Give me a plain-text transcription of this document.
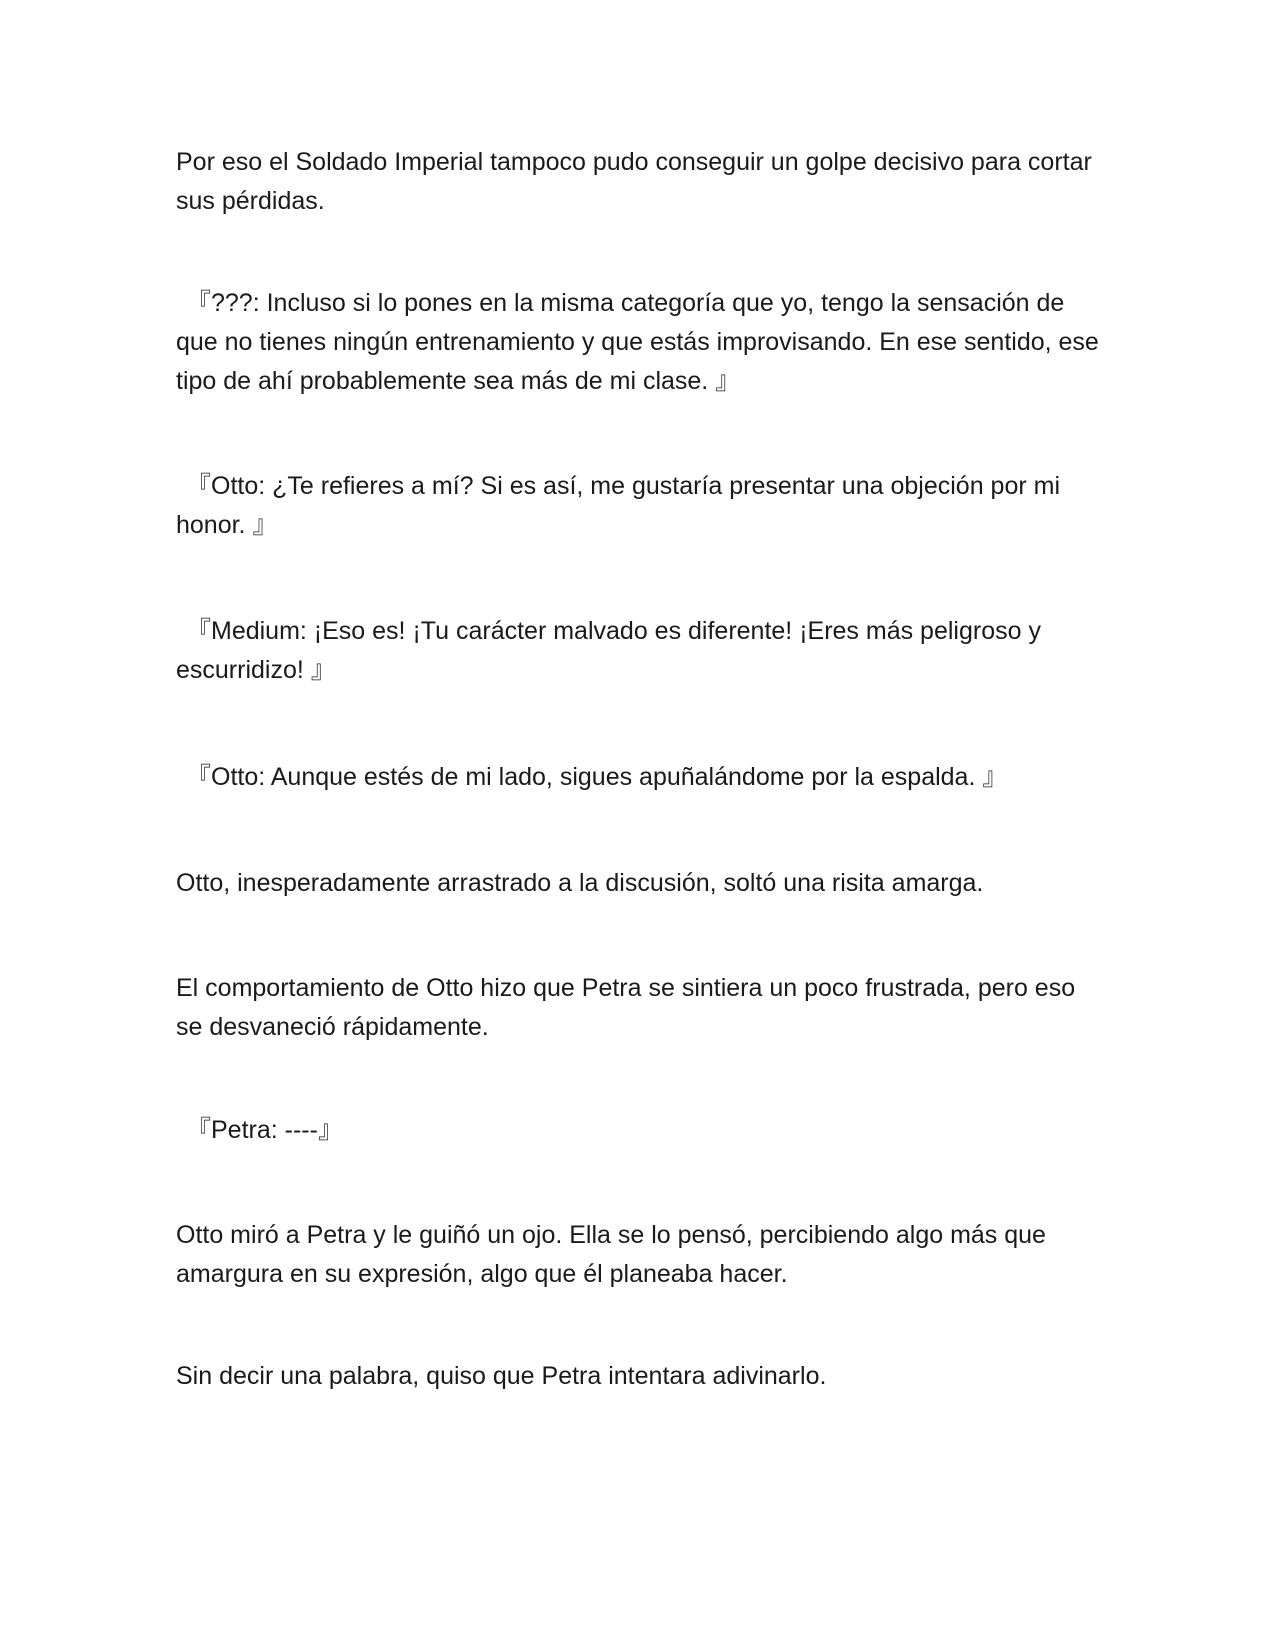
Por eso el Soldado Imperial tampoco pudo conseguir un golpe decisivo para cortar sus pérdidas.

『???: Incluso si lo pones en la misma categoría que yo, tengo la sensación de que no tienes ningún entrenamiento y que estás improvisando. En ese sentido, ese tipo de ahí probablemente sea más de mi clase. 』

『Otto: ¿Te refieres a mí? Si es así, me gustaría presentar una objeción por mi honor. 』

『Medium: ¡Eso es! ¡Tu carácter malvado es diferente! ¡Eres más peligroso y escurridizo! 』

『Otto: Aunque estés de mi lado, sigues apuñalándome por la espalda. 』

Otto, inesperadamente arrastrado a la discusión, soltó una risita amarga.

El comportamiento de Otto hizo que Petra se sintiera un poco frustrada, pero eso se desvaneció rápidamente.

『Petra: ----』

Otto miró a Petra y le guiñó un ojo. Ella se lo pensó, percibiendo algo más que amargura en su expresión, algo que él planeaba hacer.

Sin decir una palabra, quiso que Petra intentara adivinarlo.
